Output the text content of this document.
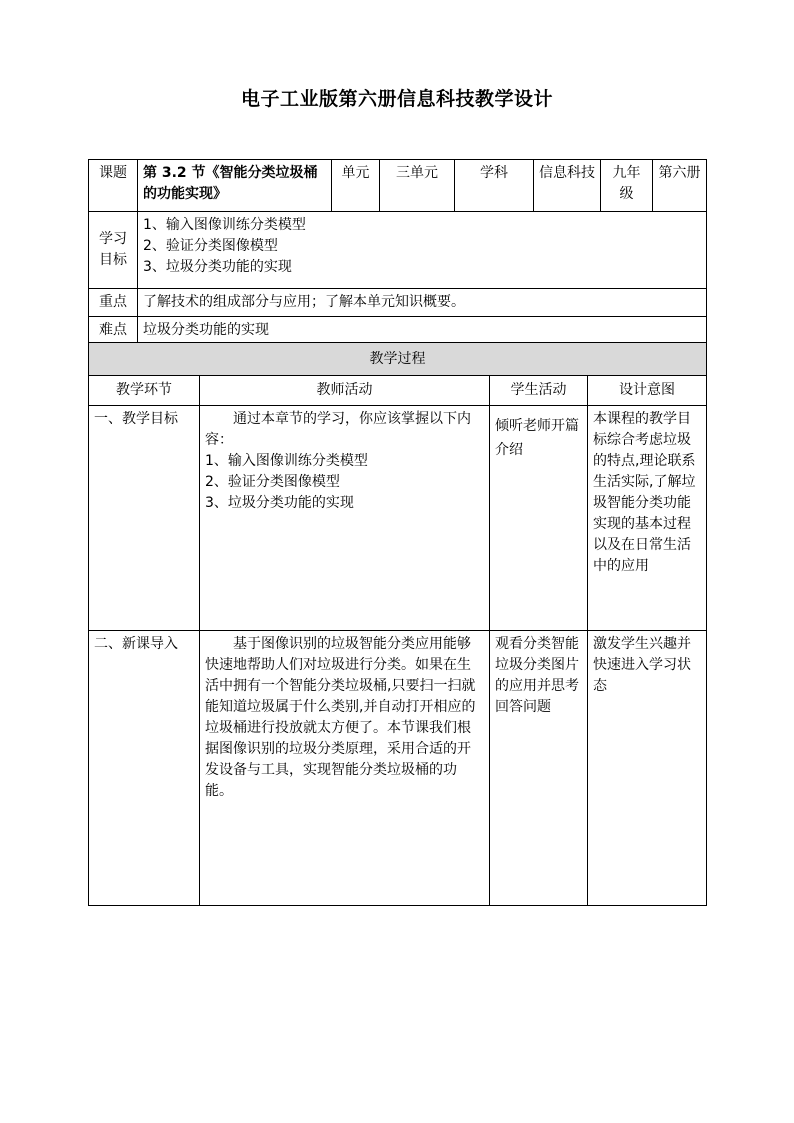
电子工业版第六册信息科技教学设计
课题	第 3.2 节《智能分类垃圾桶的功能实现》	单元	三单元	学科	信息科技	九年级	第六册
学习目标	1、输入图像训练分类模型
2、验证分类图像模型
3、垃圾分类功能的实现						

重点	了解技术的组成部分与应用；了解本单元知识概要。						
难点	垃圾分类功能的实现						
教学过程			
教学环节	教师活动	学生活动	设计意图
一、教学目标	通过本章节的学习，你应该掌握以下内容：
1、输入图像训练分类模型
2、验证分类图像模型
3、垃圾分类功能的实现	倾听老师开篇介绍	本课程的教学目标综合考虑垃圾的特点,理论联系生活实际,了解垃圾智能分类功能实现的基本过程以及在日常生活中的应用
二、新课导入	基于图像识别的垃圾智能分类应用能够快速地帮助人们对垃圾进行分类。如果在生活中拥有一个智能分类垃圾桶,只要扫一扫就能知道垃圾属于什么类别,并自动打开相应的垃圾桶进行投放就太方便了。本节课我们根据图像识别的垃圾分类原理，采用合适的开发设备与工具，实现智能分类垃圾桶的功能。	观看分类智能垃圾分类图片的应用并思考回答问题	激发学生兴趣并快速进入学习状态
